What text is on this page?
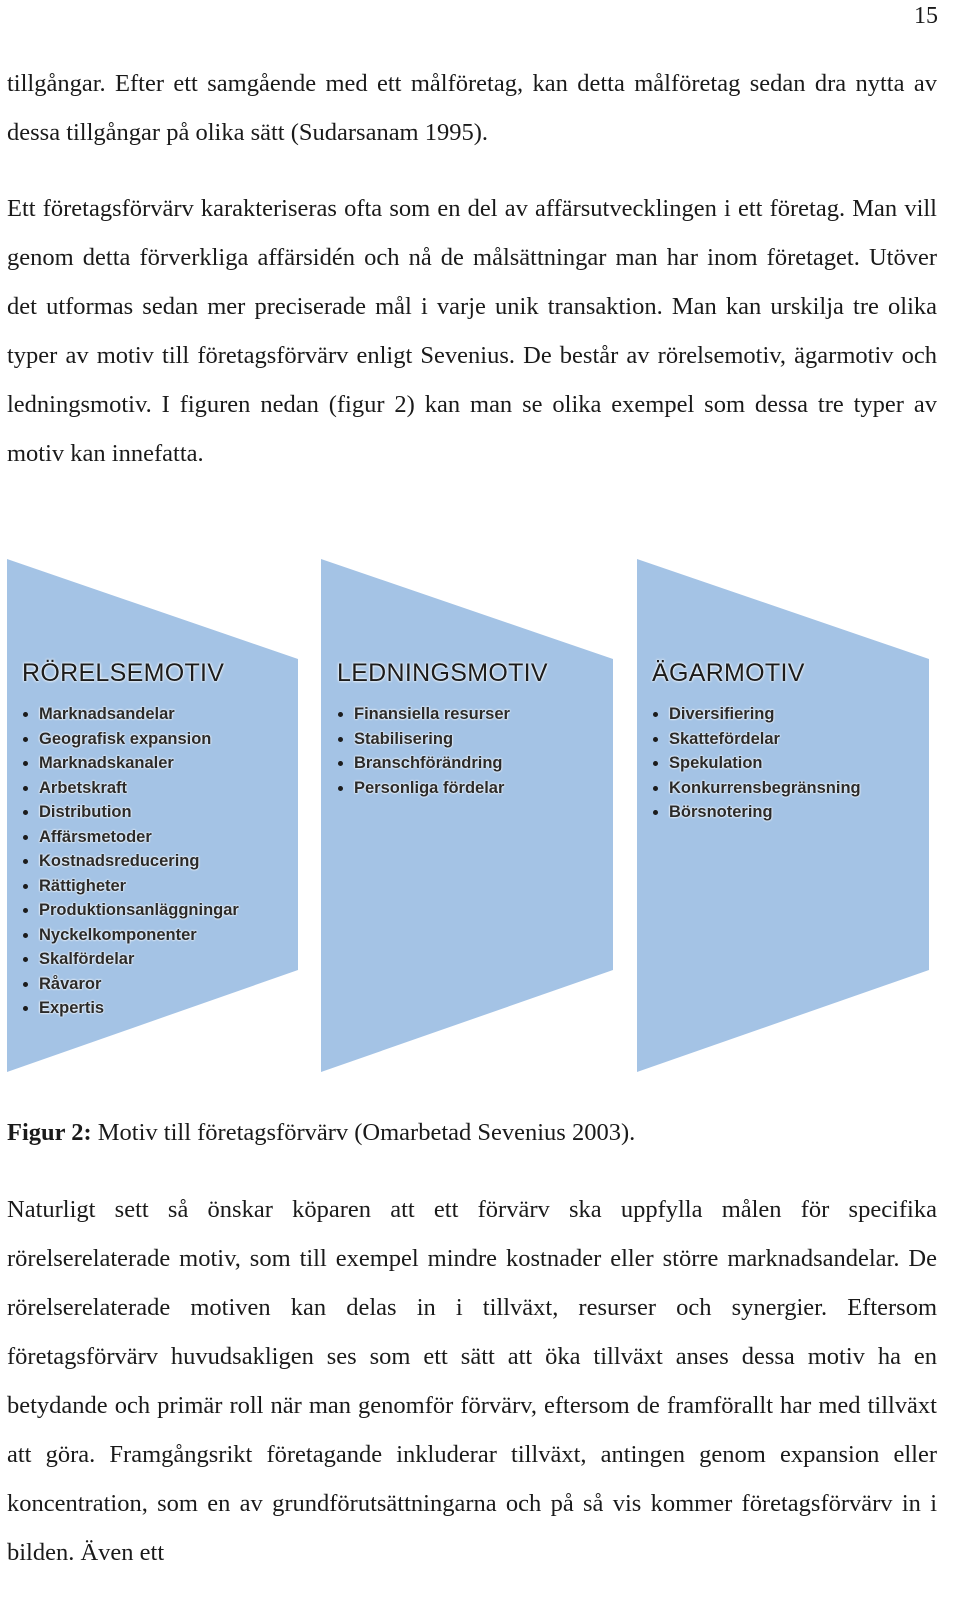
15

tillgångar. Efter ett samgående med ett målföretag, kan detta målföretag sedan dra nytta av dessa tillgångar på olika sätt (Sudarsanam 1995).

Ett företagsförvärv karakteriseras ofta som en del av affärsutvecklingen i ett företag. Man vill genom detta förverkliga affärsidén och nå de målsättningar man har inom företaget. Utöver det utformas sedan mer preciserade mål i varje unik transaktion. Man kan urskilja tre olika typer av motiv till företagsförvärv enligt Sevenius. De består av rörelsemotiv, ägarmotiv och ledningsmotiv. I figuren nedan (figur 2) kan man se olika exempel som dessa tre typer av motiv kan innefatta.

RÖRELSEMOTIV
Marknadsandelar
Geografisk expansion
Marknadskanaler
Arbetskraft
Distribution
Affärsmetoder
Kostnadsreducering
Rättigheter
Produktionsanläggningar
Nyckelkomponenter
Skalfördelar
Råvaror
Expertis
LEDNINGSMOTIV
Finansiella resurser
Stabilisering
Branschförändring
Personliga fördelar
ÄGARMOTIV
Diversifiering
Skattefördelar
Spekulation
Konkurrensbegränsning
Börsnotering

Figur 2: Motiv till företagsförvärv (Omarbetad Sevenius 2003).

Naturligt sett så önskar köparen att ett förvärv ska uppfylla målen för specifika rörelserelaterade motiv, som till exempel mindre kostnader eller större marknadsandelar. De rörelserelaterade motiven kan delas in i tillväxt, resurser och synergier. Eftersom företagsförvärv huvudsakligen ses som ett sätt att öka tillväxt anses dessa motiv ha en betydande och primär roll när man genomför förvärv, eftersom de framförallt har med tillväxt att göra. Framgångsrikt företagande inkluderar tillväxt, antingen genom expansion eller koncentration, som en av grundförutsättningarna och på så vis kommer företagsförvärv in i bilden. Även ett
